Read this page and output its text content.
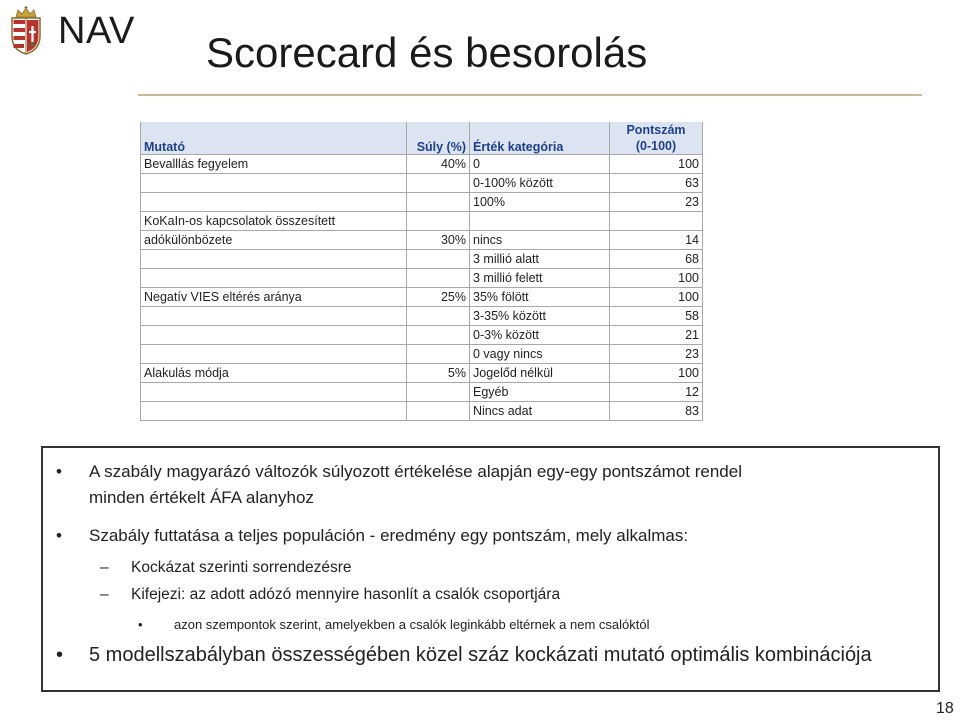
NAV Scorecard és besorolás
Mutató	Súly (%)	Érték kategória	Pontszám
(0-100)
Bevalllás fegyelem	40%	0	100
		0-100% között	63
		100%	23
KoKaIn-os kapcsolatok összesített			
adókülönbözete	30%	nincs	14
		3 millió alatt	68
		3 millió felett	100
Negatív VIES eltérés aránya	25%	35% fölött	100
		3-35% között	58
		0-3% között	21
		0 vagy nincs	23
Alakulás módja	5%	Jogelőd nélkül	100
		Egyéb	12
		Nincs adat	83
• A szabály magyarázó változók súlyozott értékelése alapján egy-egy pontszámot rendel
minden értékelt ÁFA alanyhoz
• Szabály futtatása a teljes populáción - eredmény egy pontszám, mely alkalmas:
– Kockázat szerinti sorrendezésre
– Kifejezi: az adott adózó mennyire hasonlít a csalók csoportjára
• azon szempontok szerint, amelyekben a csalók leginkább eltérnek a nem csalóktól
• 5 modellszabályban összességében közel száz kockázati mutató optimális kombinációja
18
